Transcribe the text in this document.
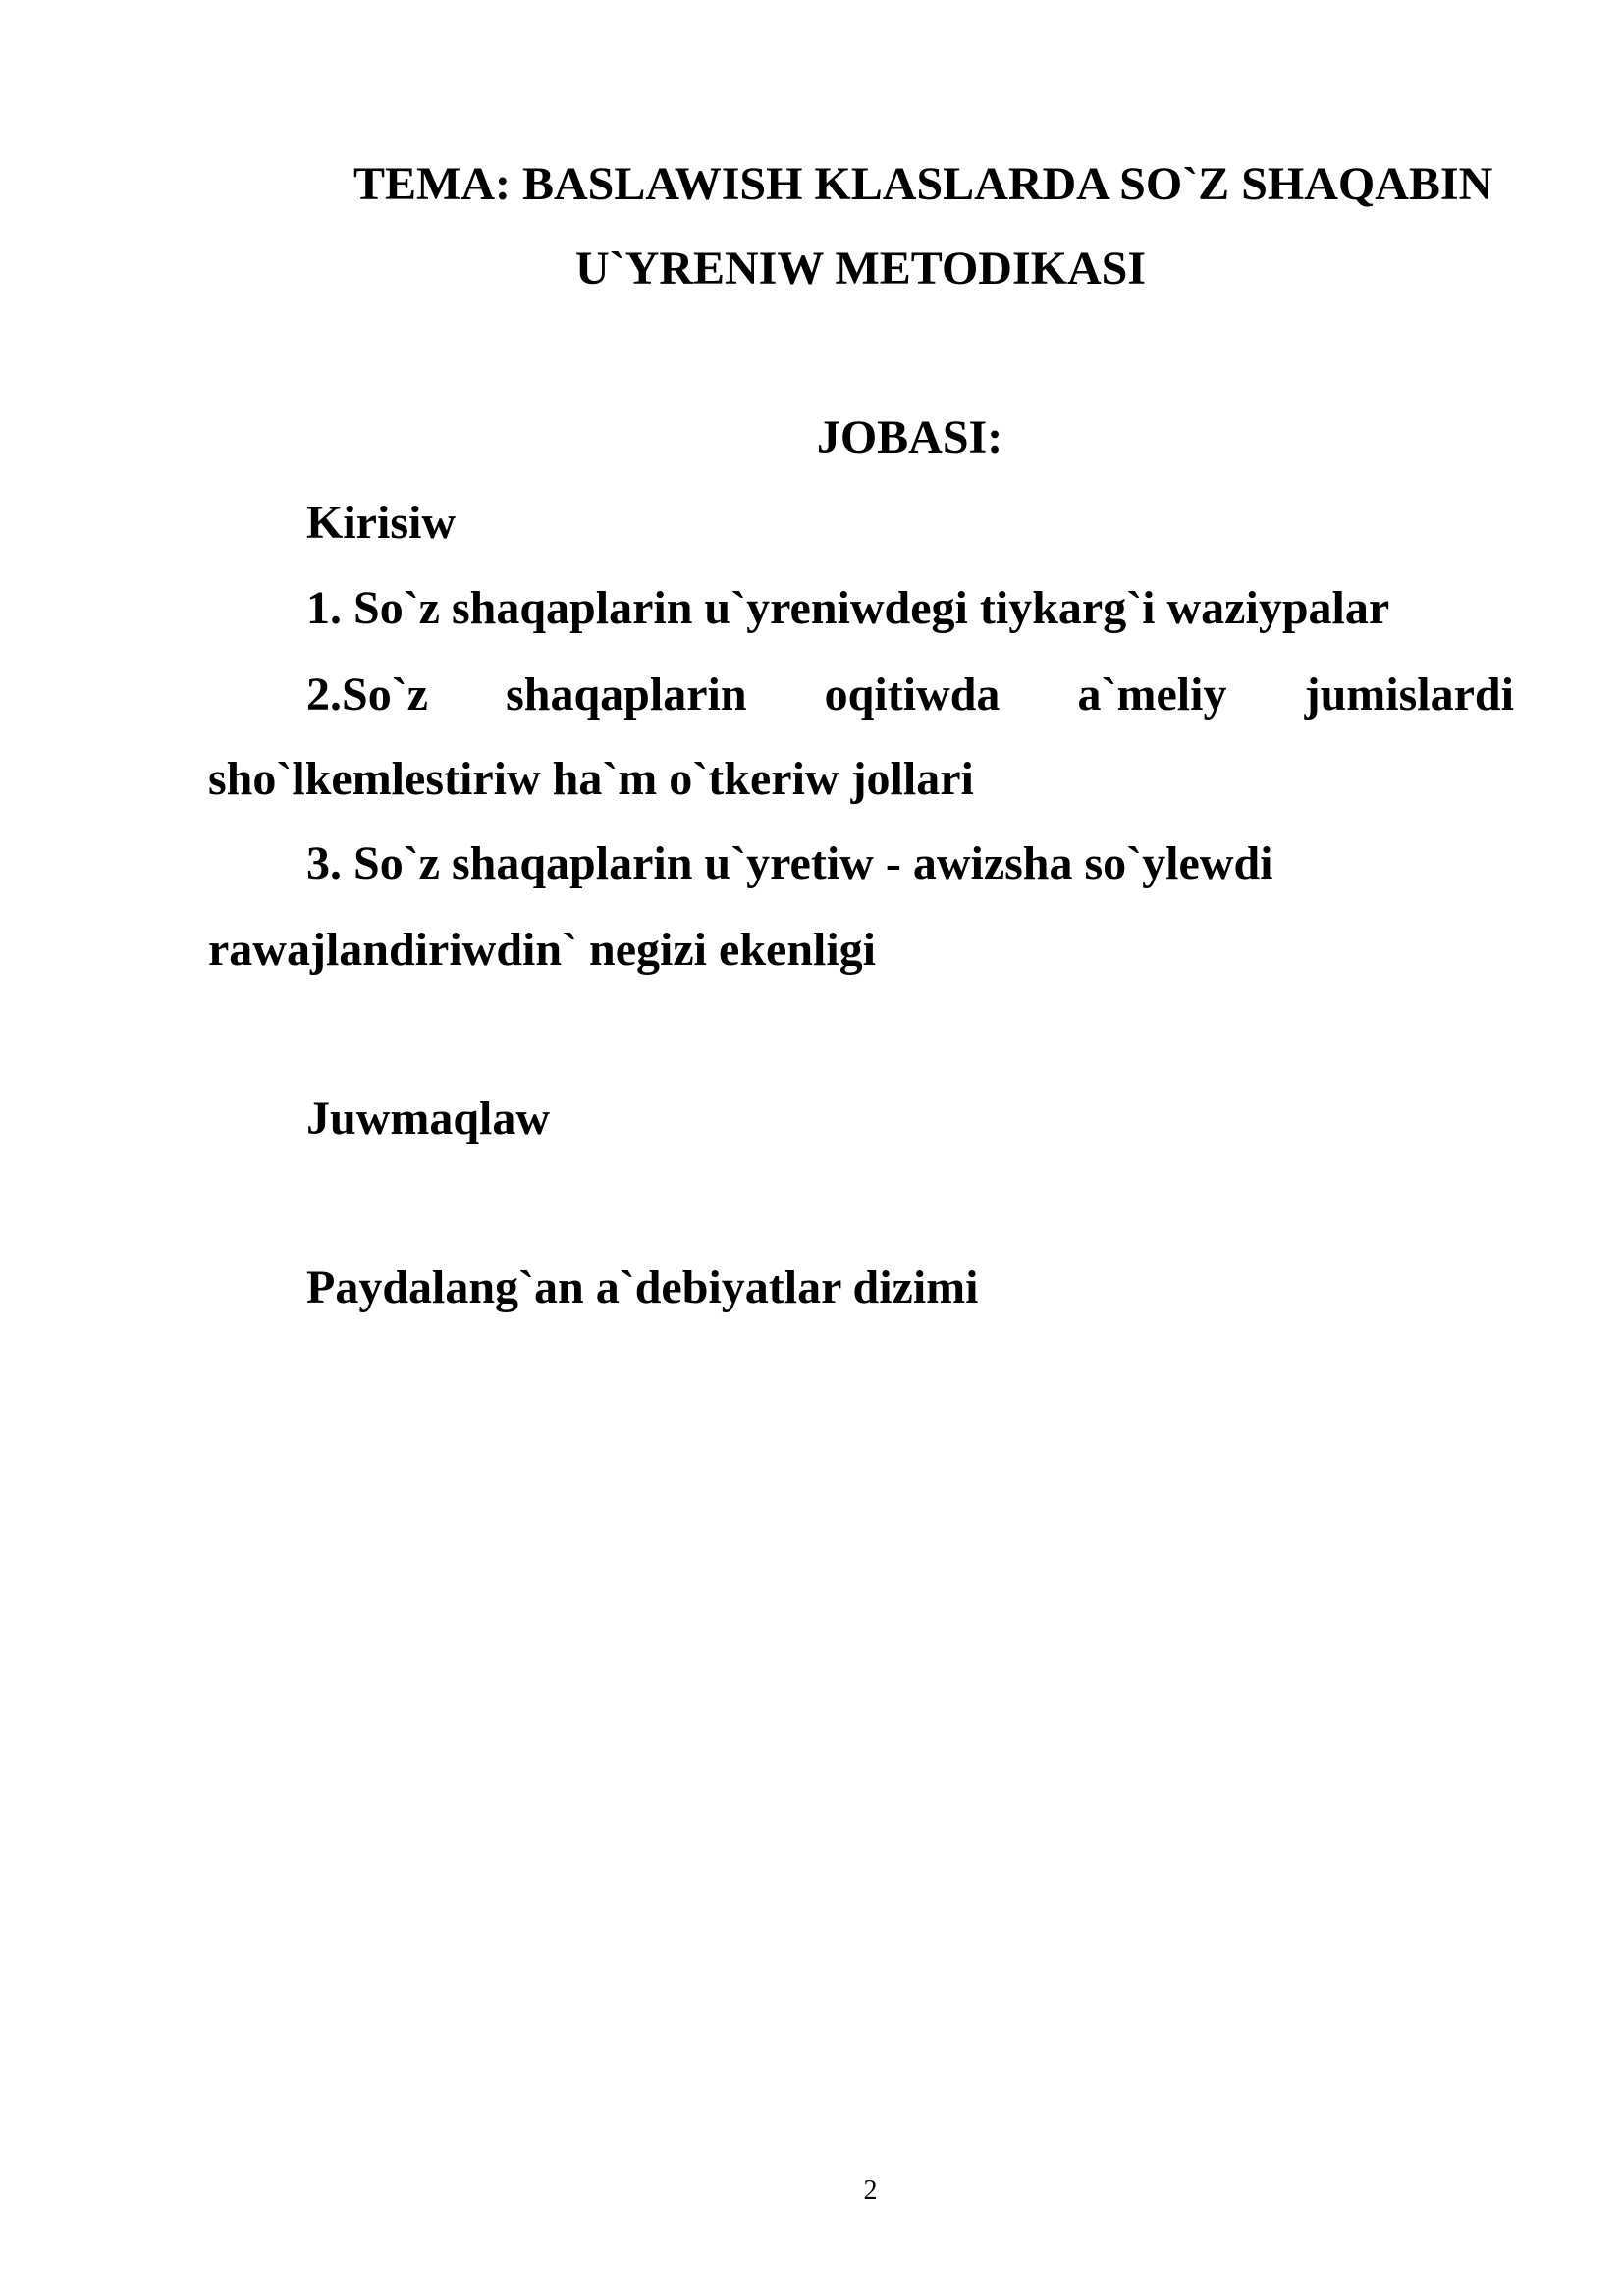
TEMA: BASLAWISH KLASLARDA SO`Z SHAQABIN
U`YRENIW METODIKASI
JOBASI:
Kirisiw
1. So`z shaqaplarin u`yreniwdegi tiykarg`i waziypalar
2.So`z shaqaplarin oqitiwda a`meliy jumislardi
sho`lkemlestiriw ha`m o`tkeriw jollari
3. So`z shaqaplarin u`yretiw - awizsha so`ylewdi
rawajlandiriwdin` negizi ekenligi
Juwmaqlaw
Paydalang`an a`debiyatlar dizimi
2
